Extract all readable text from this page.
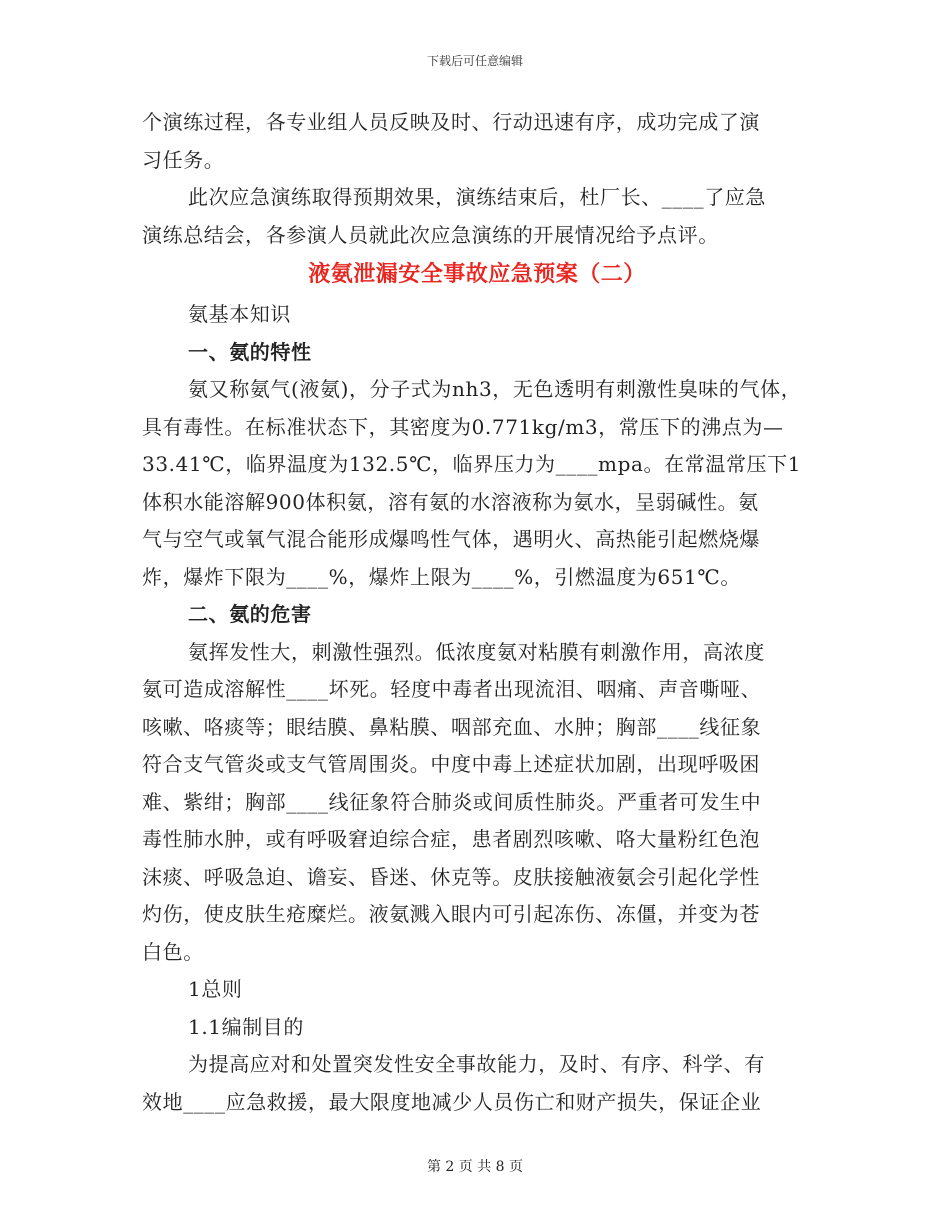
下载后可任意编辑
个演练过程，各专业组人员反映及时、行动迅速有序，成功完成了演
习任务。
此次应急演练取得预期效果，演练结束后，杜厂长、____了应急
演练总结会，各参演人员就此次应急演练的开展情况给予点评。
液氨泄漏安全事故应急预案（二）
氨基本知识
一、氨的特性
氨又称氨气(液氨)，分子式为nh3，无色透明有刺激性臭味的气体，
具有毒性。在标准状态下，其密度为0.771kg/m3，常压下的沸点为—
33.41℃，临界温度为132.5℃，临界压力为____mpa。在常温常压下1
体积水能溶解900体积氨，溶有氨的水溶液称为氨水，呈弱碱性。氨
气与空气或氧气混合能形成爆鸣性气体，遇明火、高热能引起燃烧爆
炸，爆炸下限为____%，爆炸上限为____%，引燃温度为651℃。
二、氨的危害
氨挥发性大，刺激性强烈。低浓度氨对粘膜有刺激作用，高浓度
氨可造成溶解性____坏死。轻度中毒者出现流泪、咽痛、声音嘶哑、
咳嗽、咯痰等；眼结膜、鼻粘膜、咽部充血、水肿；胸部____线征象
符合支气管炎或支气管周围炎。中度中毒上述症状加剧，出现呼吸困
难、紫绀；胸部____线征象符合肺炎或间质性肺炎。严重者可发生中
毒性肺水肿，或有呼吸窘迫综合症，患者剧烈咳嗽、咯大量粉红色泡
沫痰、呼吸急迫、谵妄、昏迷、休克等。皮肤接触液氨会引起化学性
灼伤，使皮肤生疮糜烂。液氨溅入眼内可引起冻伤、冻僵，并变为苍
白色。
1总则
1.1编制目的
为提高应对和处置突发性安全事故能力，及时、有序、科学、有
效地____应急救援，最大限度地减少人员伤亡和财产损失，保证企业
第 2 页 共 8 页
